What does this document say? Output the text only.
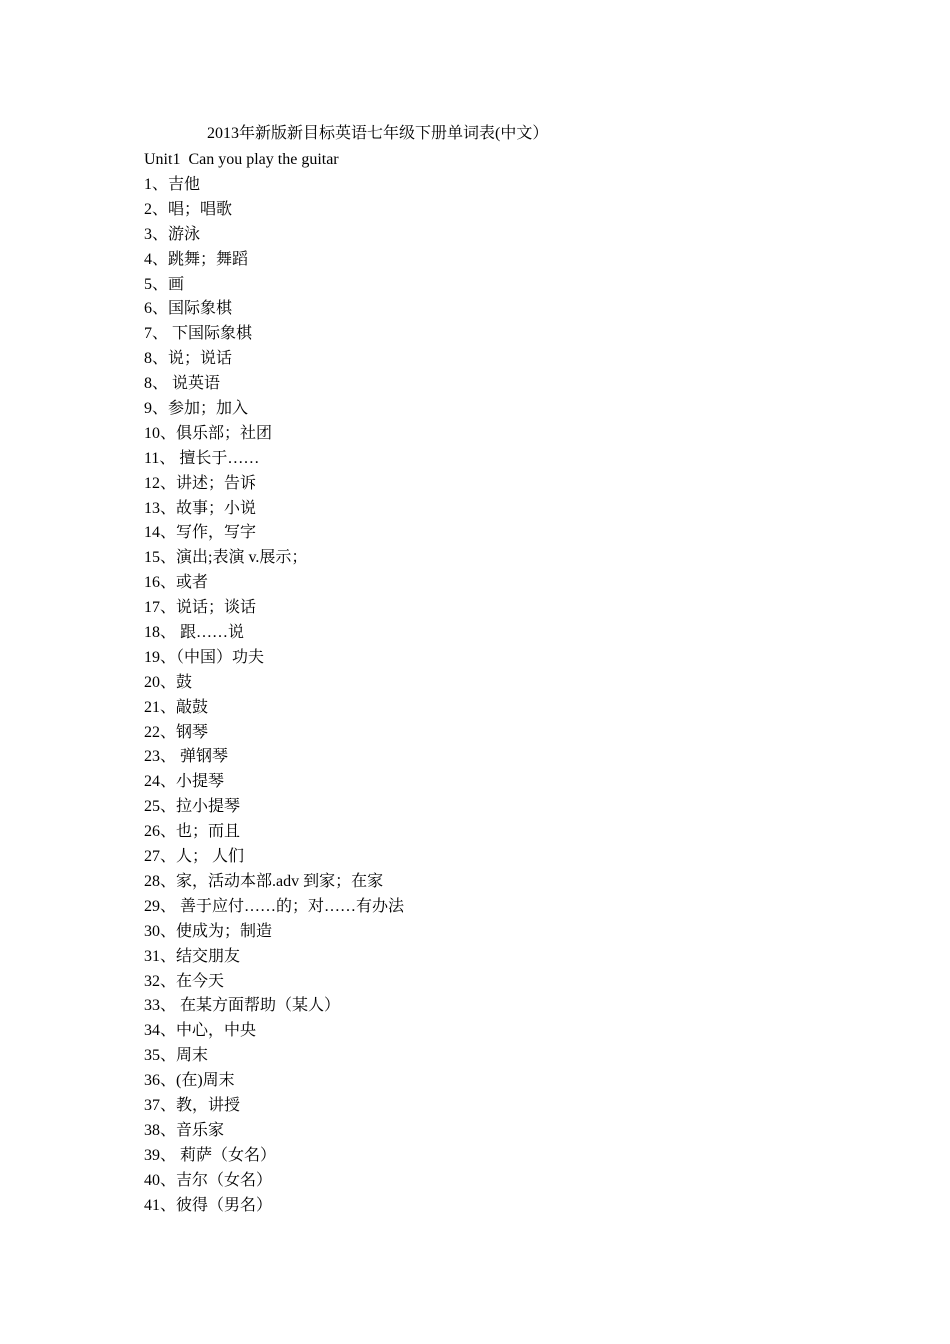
2013年新版新目标英语七年级下册单词表(中文）
Unit1  Can you play the guitar
1、吉他
2、唱；唱歌
3、游泳
4、跳舞；舞蹈
5、画
6、国际象棋
7、 下国际象棋
8、说；说话
8、 说英语
9、参加；加入
10、俱乐部；社团
11、 擅长于……
12、讲述；告诉
13、故事；小说
14、写作，写字
15、演出;表演 v.展示；
16、或者
17、说话；谈话
18、 跟……说
19、（中国）功夫
20、鼓
21、敲鼓
22、钢琴
23、 弹钢琴
24、小提琴
25、拉小提琴
26、也；而且
27、人； 人们
28、家，活动本部.adv 到家；在家
29、 善于应付……的；对……有办法
30、使成为；制造
31、结交朋友
32、在今天
33、 在某方面帮助（某人）
34、中心，中央
35、周末
36、(在)周末
37、教，讲授
38、音乐家
39、 莉萨（女名）
40、吉尔（女名）
41、彼得（男名）
